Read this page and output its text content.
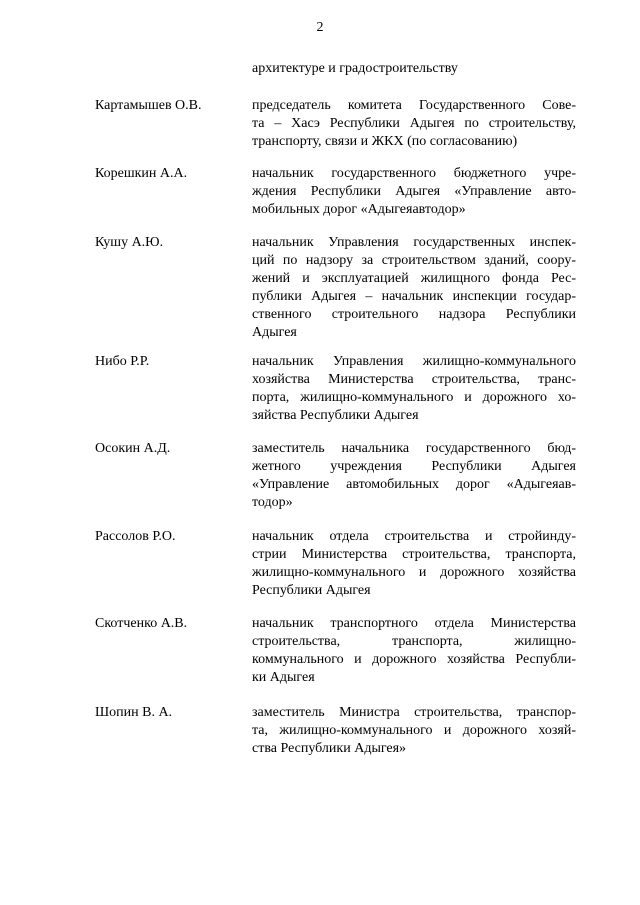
2
архитектуре и градостроительству
Картамышев О.В.	председатель комитета Государственного Сове-
та – Хасэ Республики Адыгея по строительству,
транспорту, связи и ЖКХ (по согласованию)
Корешкин А.А.	начальник государственного бюджетного учре-
ждения Республики Адыгея «Управление авто-
мобильных дорог «Адыгеяавтодор»
Кушу А.Ю.	начальник Управления государственных инспек-
ций по надзору за строительством зданий, соору-
жений и эксплуатацией жилищного фонда Рес-
публики Адыгея – начальник инспекции государ-
ственного строительного надзора Республики
Адыгея
Нибо Р.Р.	начальник Управления жилищно-коммунального
хозяйства Министерства строительства, транс-
порта, жилищно-коммунального и дорожного хо-
зяйства Республики Адыгея
Осокин А.Д.	заместитель начальника государственного бюд-
жетного учреждения Республики Адыгея
«Управление автомобильных дорог «Адыгеяав-
тодор»
Рассолов Р.О.	начальник отдела строительства и стройинду-
стрии Министерства строительства, транспорта,
жилищно-коммунального и дорожного хозяйства
Республики Адыгея
Скотченко А.В.	начальник транспортного отдела Министерства
строительства, транспорта, жилищно-
коммунального и дорожного хозяйства Республи-
ки Адыгея
Шопин В. А.	заместитель Министра строительства, транспор-
та, жилищно-коммунального и дорожного хозяй-
ства Республики Адыгея»
